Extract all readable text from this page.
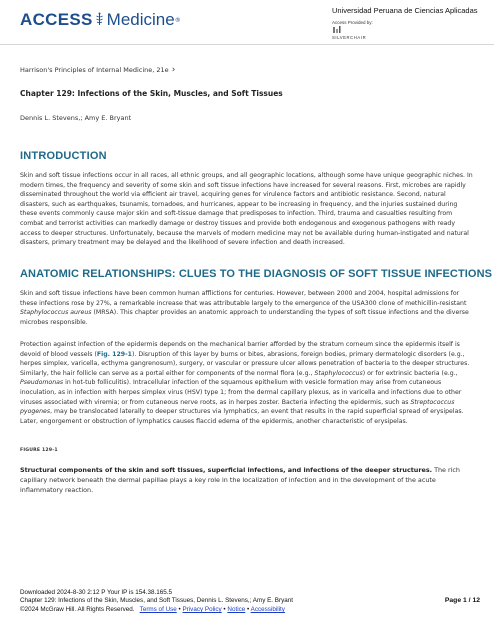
ACCESS Medicine ®
Universidad Peruana de Ciencias Aplicadas
Access Provided by:
SILVERCHAIR
Harrison's Principles of Internal Medicine, 21e ›
Chapter 129: Infections of the Skin, Muscles, and Soft Tissues
Dennis L. Stevens,; Amy E. Bryant
INTRODUCTION
Skin and soft tissue infections occur in all races, all ethnic groups, and all geographic locations, although some have unique geographic niches. In modern times, the frequency and severity of some skin and soft tissue infections have increased for several reasons. First, microbes are rapidly disseminated throughout the world via efficient air travel, acquiring genes for virulence factors and antibiotic resistance. Second, natural disasters, such as earthquakes, tsunamis, tornadoes, and hurricanes, appear to be increasing in frequency, and the injuries sustained during these events commonly cause major skin and soft-tissue damage that predisposes to infection. Third, trauma and casualties resulting from combat and terrorist activities can markedly damage or destroy tissues and provide both endogenous and exogenous pathogens with ready access to deeper structures. Unfortunately, because the marvels of modern medicine may not be available during human-instigated and natural disasters, primary treatment may be delayed and the likelihood of severe infection and death increased.
ANATOMIC RELATIONSHIPS: CLUES TO THE DIAGNOSIS OF SOFT TISSUE INFECTIONS
Skin and soft tissue infections have been common human afflictions for centuries. However, between 2000 and 2004, hospital admissions for these infections rose by 27%, a remarkable increase that was attributable largely to the emergence of the USA300 clone of methicillin-resistant Staphylococcus aureus (MRSA). This chapter provides an anatomic approach to understanding the types of soft tissue infections and the diverse microbes responsible.
Protection against infection of the epidermis depends on the mechanical barrier afforded by the stratum corneum since the epidermis itself is devoid of blood vessels (Fig. 129-1). Disruption of this layer by burns or bites, abrasions, foreign bodies, primary dermatologic disorders (e.g., herpes simplex, varicella, ecthyma gangrenosum), surgery, or vascular or pressure ulcer allows penetration of bacteria to the deeper structures. Similarly, the hair follicle can serve as a portal either for components of the normal flora (e.g., Staphylococcus) or for extrinsic bacteria (e.g., Pseudomonas in hot-tub folliculitis). Intracellular infection of the squamous epithelium with vesicle formation may arise from cutaneous inoculation, as in infection with herpes simplex virus (HSV) type 1; from the dermal capillary plexus, as in varicella and infections due to other viruses associated with viremia; or from cutaneous nerve roots, as in herpes zoster. Bacteria infecting the epidermis, such as Streptococcus pyogenes, may be translocated laterally to deeper structures via lymphatics, an event that results in the rapid superficial spread of erysipelas. Later, engorgement or obstruction of lymphatics causes flaccid edema of the epidermis, another characteristic of erysipelas.
FIGURE 129-1
Structural components of the skin and soft tissues, superficial infections, and infections of the deeper structures. The rich capillary network beneath the dermal papillae plays a key role in the localization of infection and in the development of the acute inflammatory reaction.
Downloaded 2024-8-30 2:12 P Your IP is 154.38.165.5
Chapter 129: Infections of the Skin, Muscles, and Soft Tissues, Dennis L. Stevens,; Amy E. Bryant
©2024 McGraw Hill. All Rights Reserved. Terms of Use • Privacy Policy • Notice • Accessibility
Page 1 / 12
